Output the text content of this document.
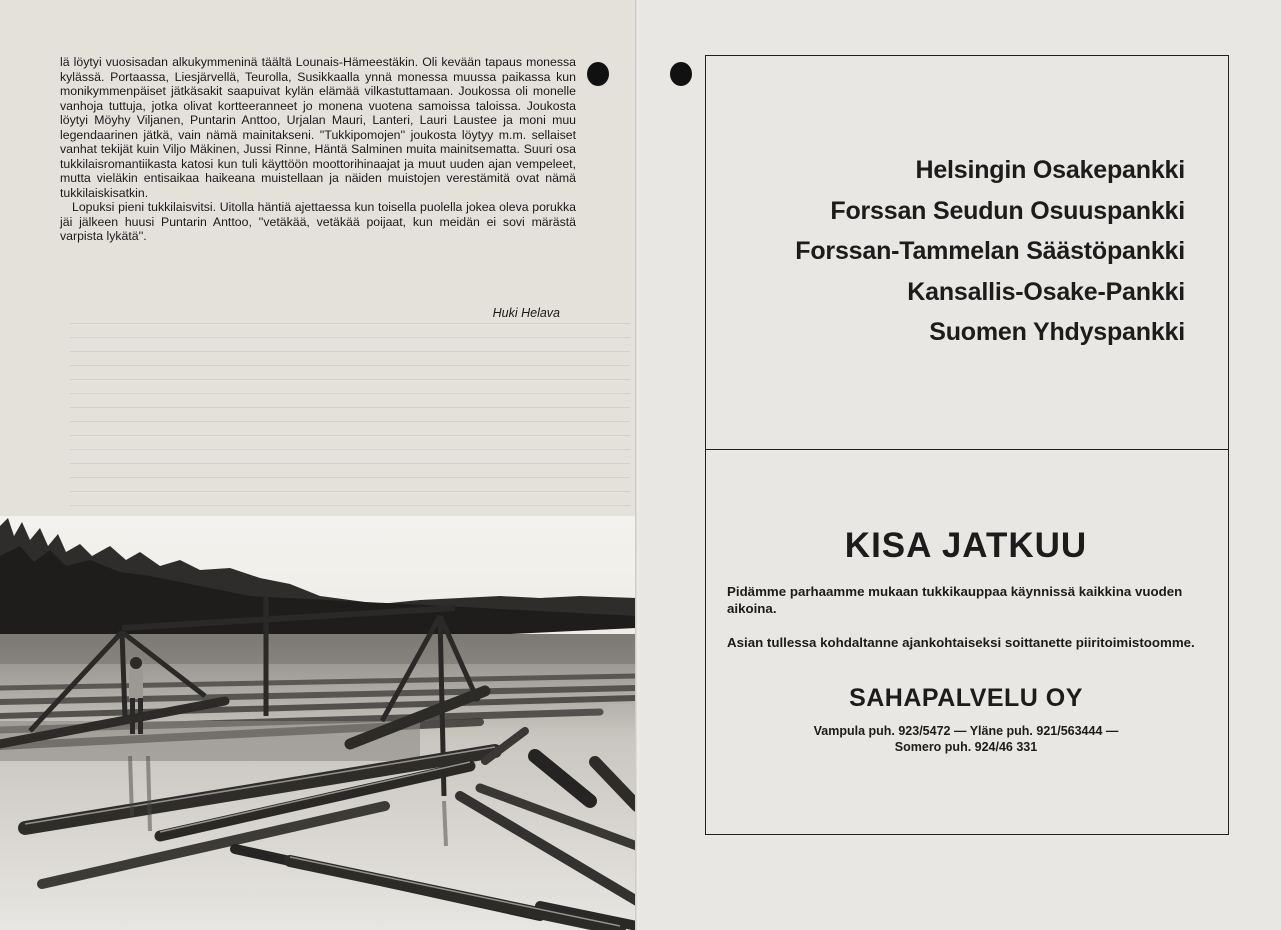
lä löytyi vuosisadan alkukymmeninä täältä Lounais-Hämeestäkin. Oli kevään tapaus monessa kylässä. Portaassa, Liesjärvellä, Teurolla, Susikkaalla ynnä monessa muussa paikassa kun monikymmenpäiset jätkäsakit saapuivat kylän elämää vilkastuttamaan. Joukossa oli monelle vanhoja tuttuja, jotka olivat kortteeranneet jo monena vuotena samoissa taloissa. Joukosta löytyi Möyhy Viljanen, Puntarin Anttoo, Urjalan Mauri, Lanteri, Lauri Laustee ja moni muu legendaarinen jätkä, vain nämä mainitakseni. ''Tukkipomojen'' joukosta löytyy m.m. sellaiset vanhat tekijät kuin Viljo Mäkinen, Jussi Rinne, Häntä Salminen muita mainitsematta. Suuri osa tukkilaisromantiikasta katosi kun tuli käyttöön moottorihinaajat ja muut uuden ajan vempeleet, mutta vieläkin entisaikaa haikeana muistellaan ja näiden muistojen verestämitä ovat nämä tukkilaiskisatkin.

Lopuksi pieni tukkilaisvitsi. Uitolla häntiä ajettaessa kun toisella puolella jokea oleva porukka jäi jälkeen huusi Puntarin Anttoo, ''vetäkää, vetäkää poijaat, kun meidän ei sovi märästä varpista lykätä''.

Huki Helava
Helsingin Osakepankki
Forssan Seudun Osuuspankki
Forssan-Tammelan Säästöpankki
Kansallis-Osake-Pankki
Suomen Yhdyspankki
KISA JATKUU
Pidämme parhaamme mukaan tukkikauppaa käynnissä kaikkina vuoden aikoina.
Asian tullessa kohdaltanne ajankohtaiseksi soittanette piiritoimistoomme.
SAHAPALVELU OY
Vampula puh. 923/5472 — Yläne puh. 921/563444 —
Somero puh. 924/46 331
